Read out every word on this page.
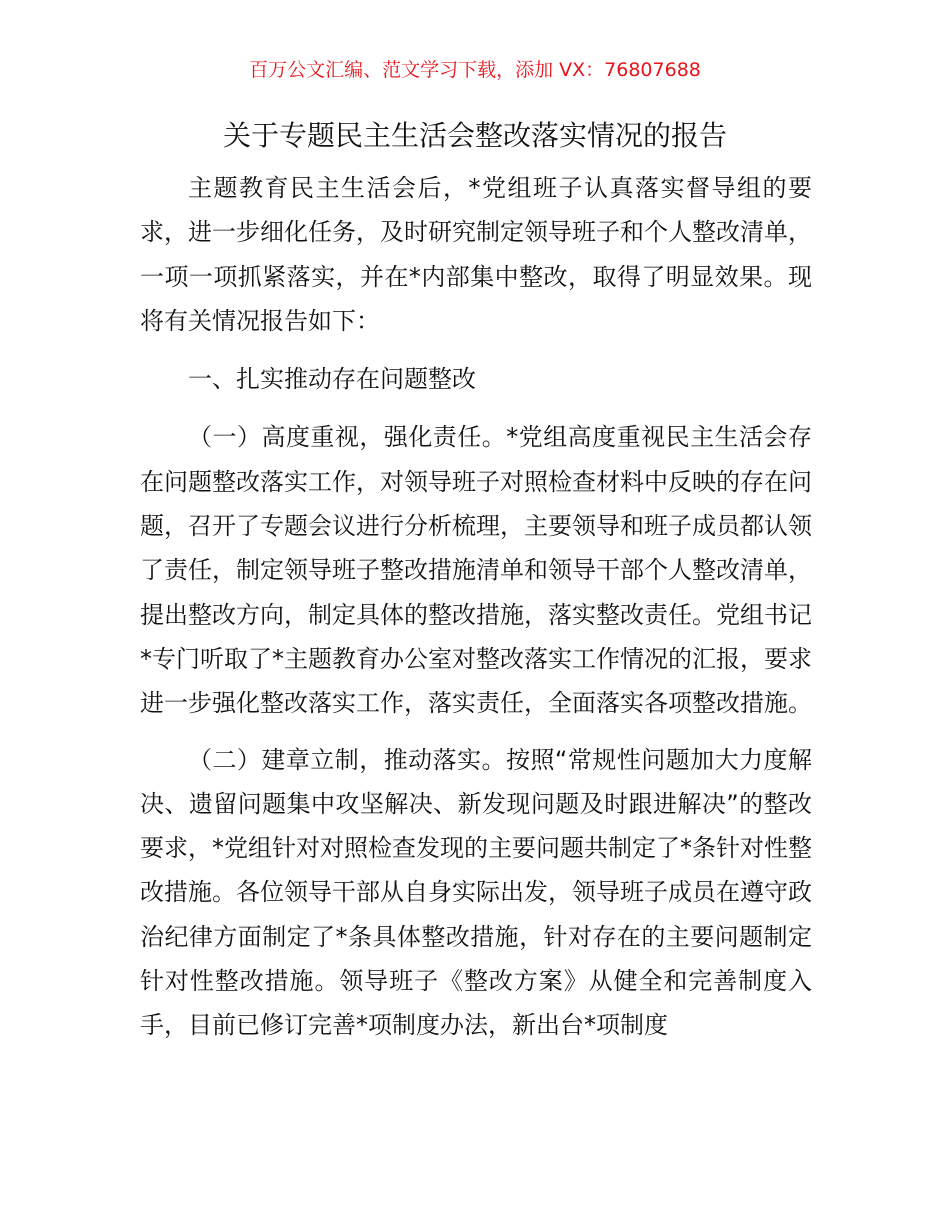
百万公文汇编、范文学习下载，添加 VX：76807688
关于专题民主生活会整改落实情况的报告

主题教育民主生活会后，*党组班子认真落实督导组的要求，进一步细化任务，及时研究制定领导班子和个人整改清单，一项一项抓紧落实，并在*内部集中整改，取得了明显效果。现将有关情况报告如下：

一、扎实推动存在问题整改

（一）高度重视，强化责任。*党组高度重视民主生活会存在问题整改落实工作，对领导班子对照检查材料中反映的存在问题，召开了专题会议进行分析梳理，主要领导和班子成员都认领了责任，制定领导班子整改措施清单和领导干部个人整改清单，提出整改方向，制定具体的整改措施，落实整改责任。党组书记*专门听取了*主题教育办公室对整改落实工作情况的汇报，要求进一步强化整改落实工作，落实责任，全面落实各项整改措施。

（二）建章立制，推动落实。按照“常规性问题加大力度解决、遗留问题集中攻坚解决、新发现问题及时跟进解决”的整改要求，*党组针对对照检查发现的主要问题共制定了*条针对性整改措施。各位领导干部从自身实际出发，领导班子成员在遵守政治纪律方面制定了*条具体整改措施，针对存在的主要问题制定针对性整改措施。领导班子《整改方案》从健全和完善制度入手，目前已修订完善*项制度办法，新出台*项制度
